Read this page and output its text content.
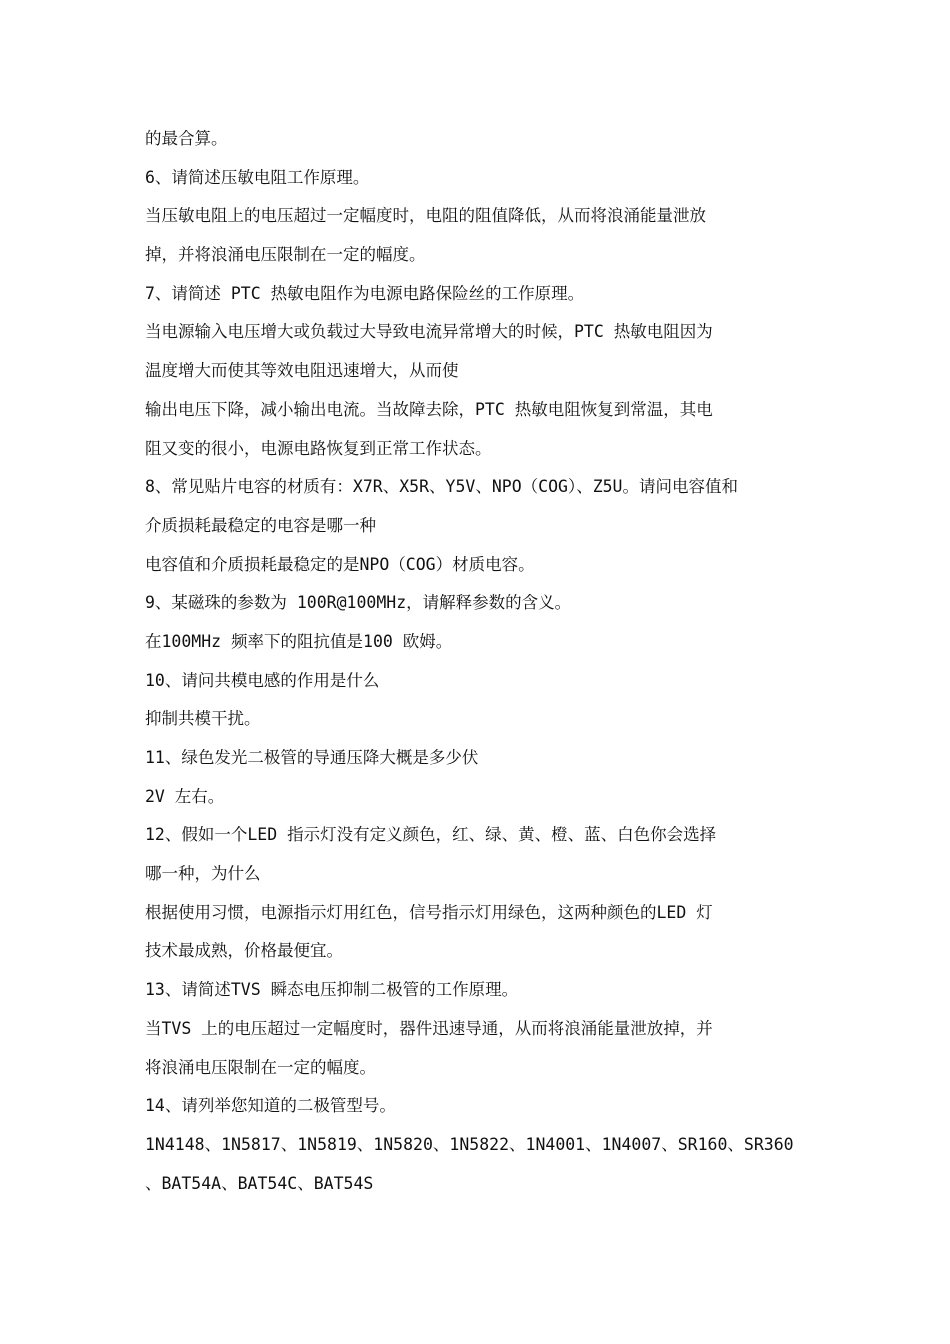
的最合算。
6、请简述压敏电阻工作原理。
当压敏电阻上的电压超过一定幅度时，电阻的阻值降低，从而将浪涌能量泄放
掉，并将浪涌电压限制在一定的幅度。
7、请简述 PTC 热敏电阻作为电源电路保险丝的工作原理。
当电源输入电压增大或负载过大导致电流异常增大的时候，PTC 热敏电阻因为
温度增大而使其等效电阻迅速增大，从而使
输出电压下降，减小输出电流。当故障去除，PTC 热敏电阻恢复到常温，其电
阻又变的很小，电源电路恢复到正常工作状态。
8、常见贴片电容的材质有：X7R、X5R、Y5V、NPO（COG）、Z5U。请问电容值和
介质损耗最稳定的电容是哪一种
电容值和介质损耗最稳定的是NPO（COG）材质电容。
9、某磁珠的参数为 100R@100MHz，请解释参数的含义。
在100MHz 频率下的阻抗值是100 欧姆。
10、请问共模电感的作用是什么
抑制共模干扰。
11、绿色发光二极管的导通压降大概是多少伏
2V 左右。
12、假如一个LED 指示灯没有定义颜色，红、绿、黄、橙、蓝、白色你会选择
哪一种，为什么
根据使用习惯，电源指示灯用红色，信号指示灯用绿色，这两种颜色的LED 灯
技术最成熟，价格最便宜。
13、请简述TVS 瞬态电压抑制二极管的工作原理。
当TVS 上的电压超过一定幅度时，器件迅速导通，从而将浪涌能量泄放掉，并
将浪涌电压限制在一定的幅度。
14、请列举您知道的二极管型号。
1N4148、1N5817、1N5819、1N5820、1N5822、1N4001、1N4007、SR160、SR360
、BAT54A、BAT54C、BAT54S
